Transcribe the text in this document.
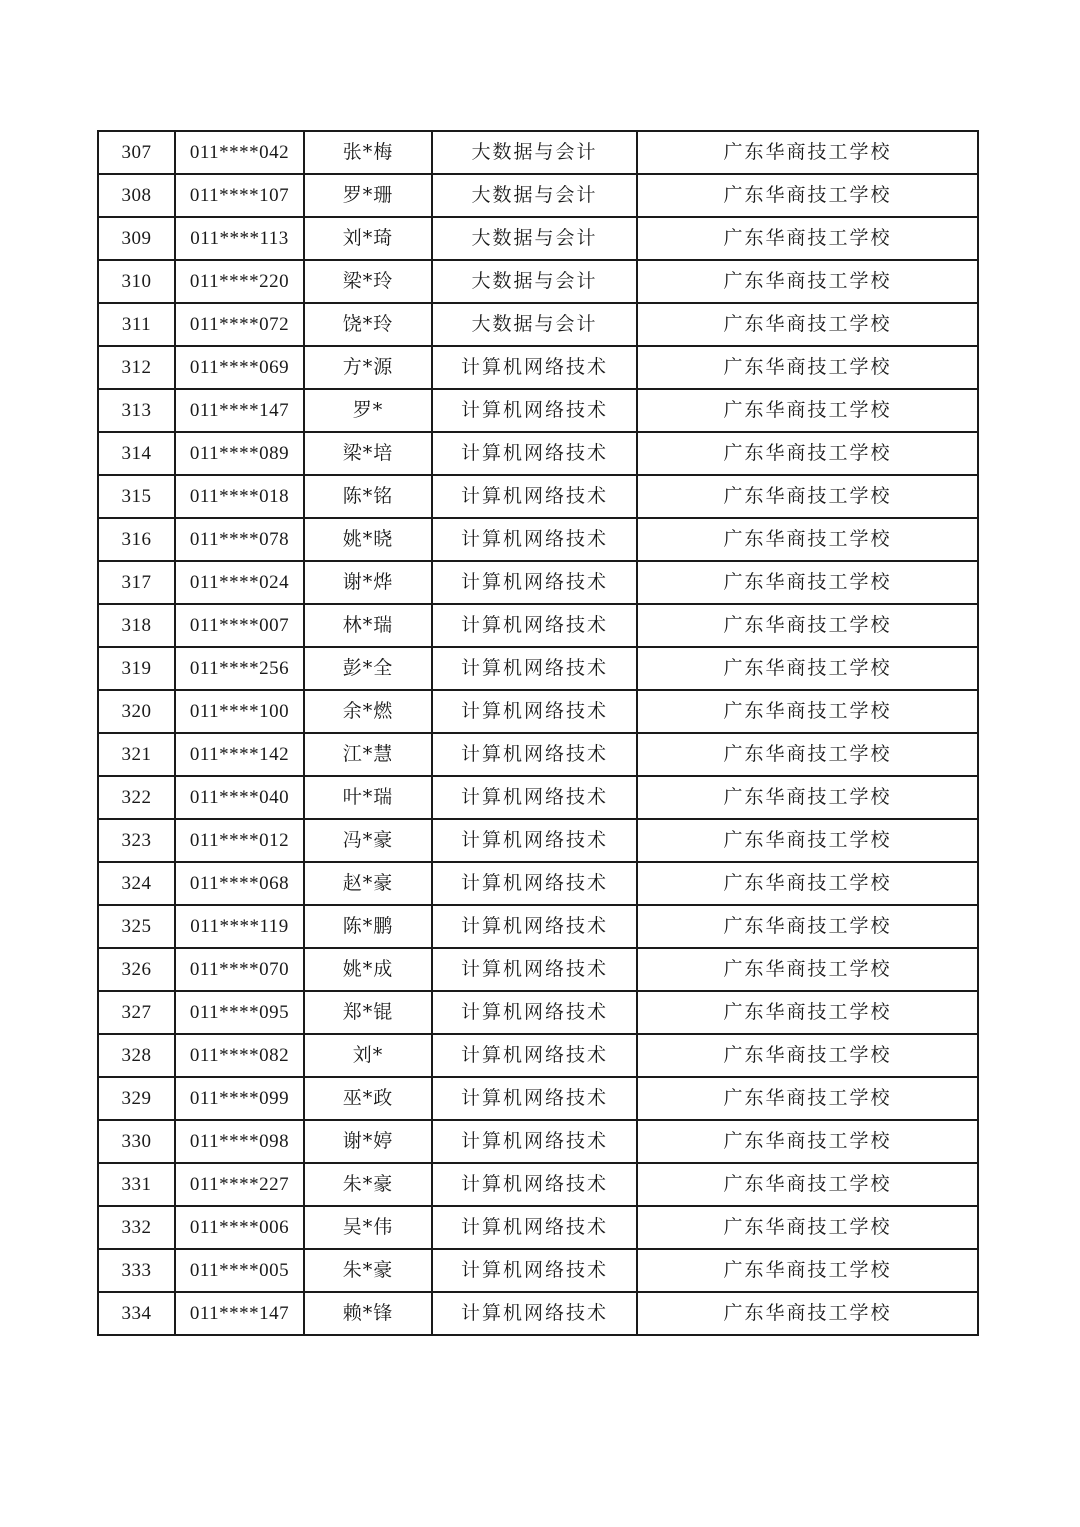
307	011****042	张*梅	大数据与会计	广东华商技工学校
308	011****107	罗*珊	大数据与会计	广东华商技工学校
309	011****113	刘*琦	大数据与会计	广东华商技工学校
310	011****220	梁*玲	大数据与会计	广东华商技工学校
311	011****072	饶*玲	大数据与会计	广东华商技工学校
312	011****069	方*源	计算机网络技术	广东华商技工学校
313	011****147	罗*	计算机网络技术	广东华商技工学校
314	011****089	梁*培	计算机网络技术	广东华商技工学校
315	011****018	陈*铭	计算机网络技术	广东华商技工学校
316	011****078	姚*晓	计算机网络技术	广东华商技工学校
317	011****024	谢*烨	计算机网络技术	广东华商技工学校
318	011****007	林*瑞	计算机网络技术	广东华商技工学校
319	011****256	彭*全	计算机网络技术	广东华商技工学校
320	011****100	余*燃	计算机网络技术	广东华商技工学校
321	011****142	江*慧	计算机网络技术	广东华商技工学校
322	011****040	叶*瑞	计算机网络技术	广东华商技工学校
323	011****012	冯*豪	计算机网络技术	广东华商技工学校
324	011****068	赵*豪	计算机网络技术	广东华商技工学校
325	011****119	陈*鹏	计算机网络技术	广东华商技工学校
326	011****070	姚*成	计算机网络技术	广东华商技工学校
327	011****095	郑*锟	计算机网络技术	广东华商技工学校
328	011****082	刘*	计算机网络技术	广东华商技工学校
329	011****099	巫*政	计算机网络技术	广东华商技工学校
330	011****098	谢*婷	计算机网络技术	广东华商技工学校
331	011****227	朱*豪	计算机网络技术	广东华商技工学校
332	011****006	吴*伟	计算机网络技术	广东华商技工学校
333	011****005	朱*豪	计算机网络技术	广东华商技工学校
334	011****147	赖*锋	计算机网络技术	广东华商技工学校
